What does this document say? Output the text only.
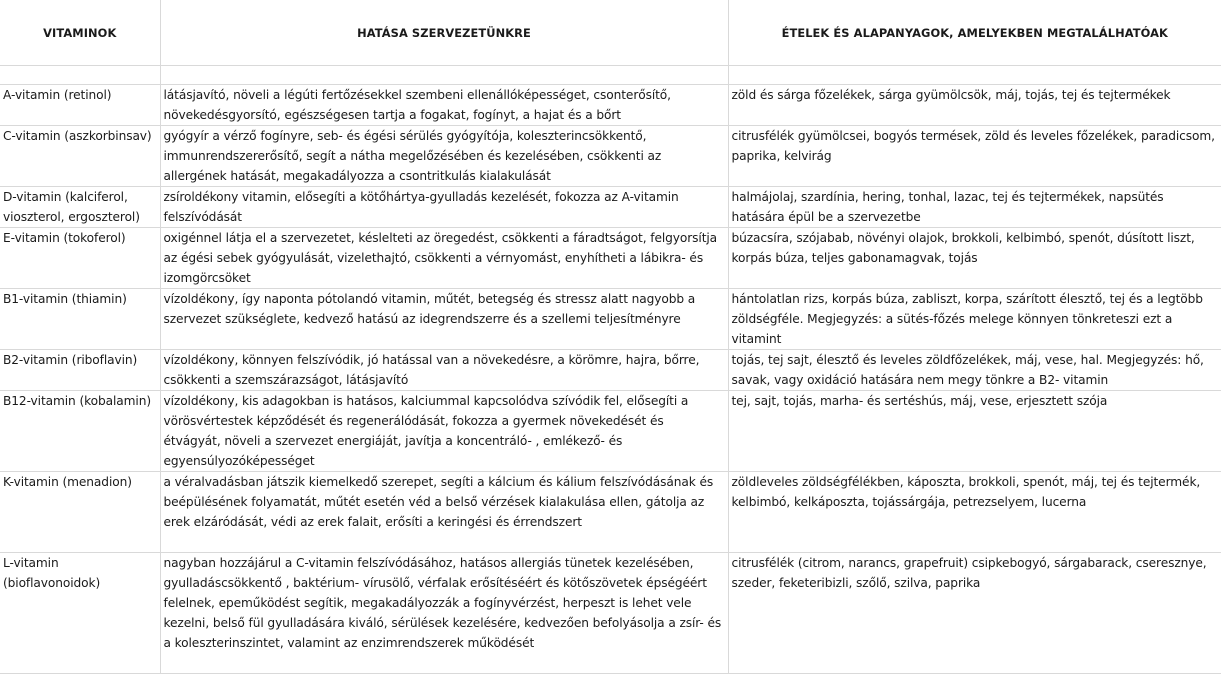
VITAMINOK	HATÁSA SZERVEZETÜNKRE	ÉTELEK ÉS ALAPANYAGOK, AMELYEKBEN MEGTALÁLHATÓAK

A-vitamin (retinol)	látásjavító, növeli a légúti fertőzésekkel szembeni ellenállóképességet, csonterősítő, növekedésgyorsító, egészségesen tartja a fogakat, fogínyt, a hajat és a bőrt	zöld és sárga főzelékek, sárga gyümölcsök, máj, tojás, tej és tejtermékek
C-vitamin (aszkorbinsav)	gyógyír a vérző fogínyre, seb- és égési sérülés gyógyítója, koleszterincsökkentő, immunrendszererősítő, segít a nátha megelőzésében és kezelésében, csökkenti az allergének hatását, megakadályozza a csontritkulás kialakulását	citrusfélék gyümölcsei, bogyós termések, zöld és leveles főzelékek, paradicsom, paprika, kelvirág
D-vitamin (kalciferol, vioszterol, ergoszterol)	zsíroldékony vitamin, elősegíti a kötőhártya-gyulladás kezelését, fokozza az A-vitamin felszívódását	halmájolaj, szardínia, hering, tonhal, lazac, tej és tejtermékek, napsütés hatására épül be a szervezetbe
E-vitamin (tokoferol)	oxigénnel látja el a szervezetet, késlelteti az öregedést, csökkenti a fáradtságot, felgyorsítja az égési sebek gyógyulását, vizelethajtó, csökkenti a vérnyomást, enyhítheti a lábikra- és izomgörcsöket	búzacsíra, szójabab, növényi olajok, brokkoli, kelbimbó, spenót, dúsított liszt, korpás búza, teljes gabonamagvak, tojás
B1-vitamin (thiamin)	vízoldékony, így naponta pótolandó vitamin, műtét, betegség és stressz alatt nagyobb a szervezet szükséglete, kedvező hatású az idegrendszerre és a szellemi teljesítményre	hántolatlan rizs, korpás búza, zabliszt, korpa, szárított élesztő, tej és a legtöbb zöldségféle. Megjegyzés: a sütés-főzés melege könnyen tönkreteszi ezt a vitamint
B2-vitamin (riboflavin)	vízoldékony, könnyen felszívódik, jó hatással van a növekedésre, a körömre, hajra, bőrre, csökkenti a szemszárazságot, látásjavító	tojás, tej sajt, élesztő és leveles zöldfőzelékek, máj, vese, hal. Megjegyzés: hő, savak, vagy oxidáció hatására nem megy tönkre a B2- vitamin
B12-vitamin (kobalamin)	vízoldékony, kis adagokban is hatásos, kalciummal kapcsolódva szívódik fel, elősegíti a vörösvértestek képződését és regenerálódását, fokozza a gyermek növekedését és étvágyát, növeli a szervezet energiáját, javítja a koncentráló- , emlékező- és egyensúlyozóképességet	tej, sajt, tojás, marha- és sertéshús, máj, vese, erjesztett szója
K-vitamin (menadion)	a véralvadásban játszik kiemelkedő szerepet, segíti a kálcium és kálium felszívódásának és beépülésének folyamatát, műtét esetén véd a belső vérzések kialakulása ellen, gátolja az erek elzáródását, védi az erek falait, erősíti a keringési és érrendszert	zöldleveles zöldségfélékben, káposzta, brokkoli, spenót, máj, tej és tejtermék, kelbimbó, kelkáposzta, tojássárgája, petrezselyem, lucerna
L-vitamin (bioflavonoidok)	nagyban hozzájárul a C-vitamin felszívódásához, hatásos allergiás tünetek kezelésében, gyulladáscsökkentő , baktérium- vírusölő, vérfalak erősítéséért és kötőszövetek épségéért felelnek, epeműködést segítik, megakadályozzák a fogínyvérzést, herpeszt is lehet vele kezelni, belső fül gyulladására kiváló, sérülések kezelésére, kedvezően befolyásolja a zsír- és a koleszterinszintet, valamint az enzimrendszerek működését	citrusfélék (citrom, narancs, grapefruit) csipkebogyó, sárgabarack, cseresznye, szeder, feketeribizli, szőlő, szilva, paprika
